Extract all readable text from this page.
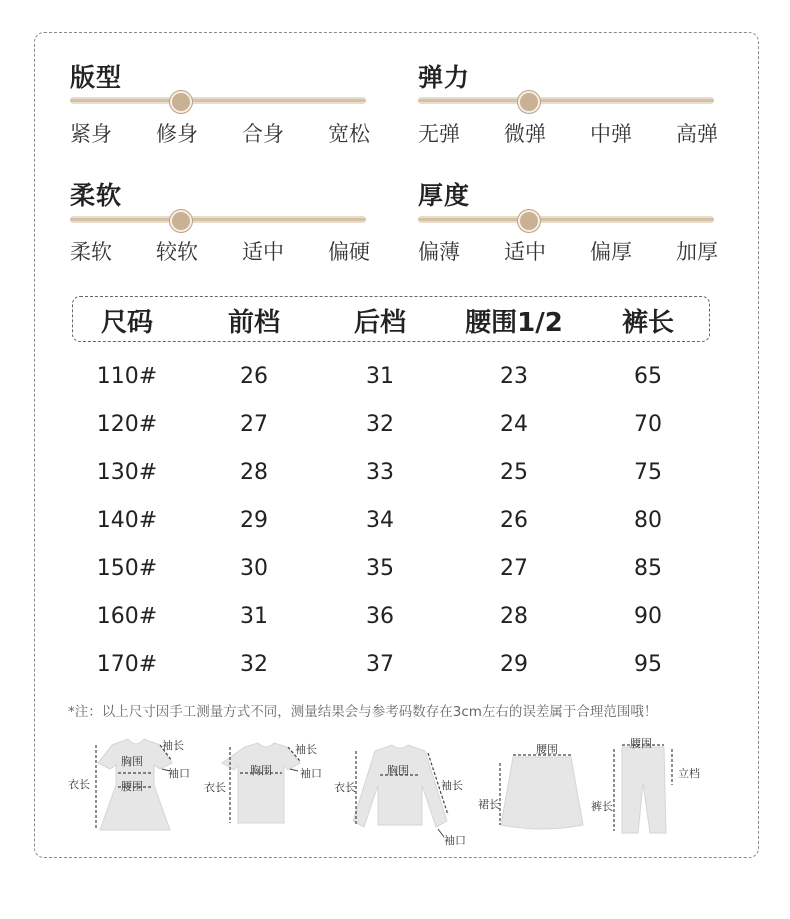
版型
紧身 修身 合身 宽松
弹力
无弹 微弹 中弹 高弹
柔软
柔软 较软 适中 偏硬
厚度
偏薄 适中 偏厚 加厚
尺码	前档	后档	腰围1/2	裤长
110#	26	31	23	65
120#	27	32	24	70
130#	28	33	25	75
140#	29	34	26	80
150#	30	35	27	85
160#	31	36	28	90
170#	32	37	29	95
*注：以上尺寸因手工测量方式不同，测量结果会与参考码数存在3cm左右的误差属于合理范围哦！
袖长
胸围
袖口
衣长	腰围
袖长
胸围	袖口
衣长
胸围
衣长	袖长
袖口
腰围
裙长
腰围
立档
裤长
